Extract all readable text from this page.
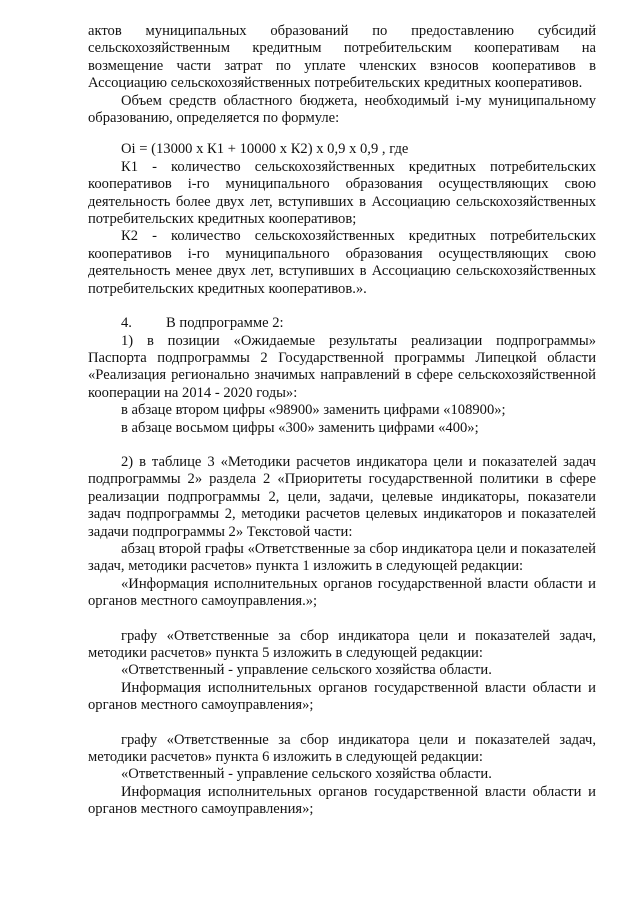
актов муниципальных образований по предоставлению субсидий сельскохозяйственным кредитным потребительским кооперативам на возмещение части затрат по уплате членских взносов кооперативов в Ассоциацию сельскохозяйственных потребительских кредитных кооперативов.

Объем средств областного бюджета, необходимый i-му муниципальному образованию, определяется по формуле:

Оi = (13000 х К1 + 10000 х К2) х 0,9 х 0,9 , где

К1 - количество сельскохозяйственных кредитных потребительских кооперативов i-го муниципального образования осуществляющих свою деятельность более двух лет, вступивших в Ассоциацию сельскохозяйственных потребительских кредитных кооперативов;

К2 - количество сельскохозяйственных кредитных потребительских кооперативов i-го муниципального образования осуществляющих свою деятельность менее двух лет, вступивших в Ассоциацию сельскохозяйственных потребительских кредитных кооперативов.».

4. В подпрограмме 2:

1) в позиции «Ожидаемые результаты реализации подпрограммы» Паспорта подпрограммы 2 Государственной программы Липецкой области «Реализация регионально значимых направлений в сфере сельскохозяйственной кооперации на 2014 - 2020 годы»:

в абзаце втором цифры «98900» заменить цифрами «108900»;

в абзаце восьмом цифры «300» заменить цифрами «400»;

2) в таблице 3 «Методики расчетов индикатора цели и показателей задач подпрограммы 2» раздела 2 «Приоритеты государственной политики в сфере реализации подпрограммы 2, цели, задачи, целевые индикаторы, показатели задач подпрограммы 2, методики расчетов целевых индикаторов и показателей задачи подпрограммы 2» Текстовой части:

абзац второй графы «Ответственные за сбор индикатора цели и показателей задач, методики расчетов» пункта 1 изложить в следующей редакции:

«Информация исполнительных органов государственной власти области и органов местного самоуправления.»;

графу «Ответственные за сбор индикатора цели и показателей задач, методики расчетов» пункта 5 изложить в следующей редакции:

«Ответственный - управление сельского хозяйства области.

Информация исполнительных органов государственной власти области и органов местного самоуправления»;

графу «Ответственные за сбор индикатора цели и показателей задач, методики расчетов» пункта 6 изложить в следующей редакции:

«Ответственный - управление сельского хозяйства области.

Информация исполнительных органов государственной власти области и органов местного самоуправления»;
